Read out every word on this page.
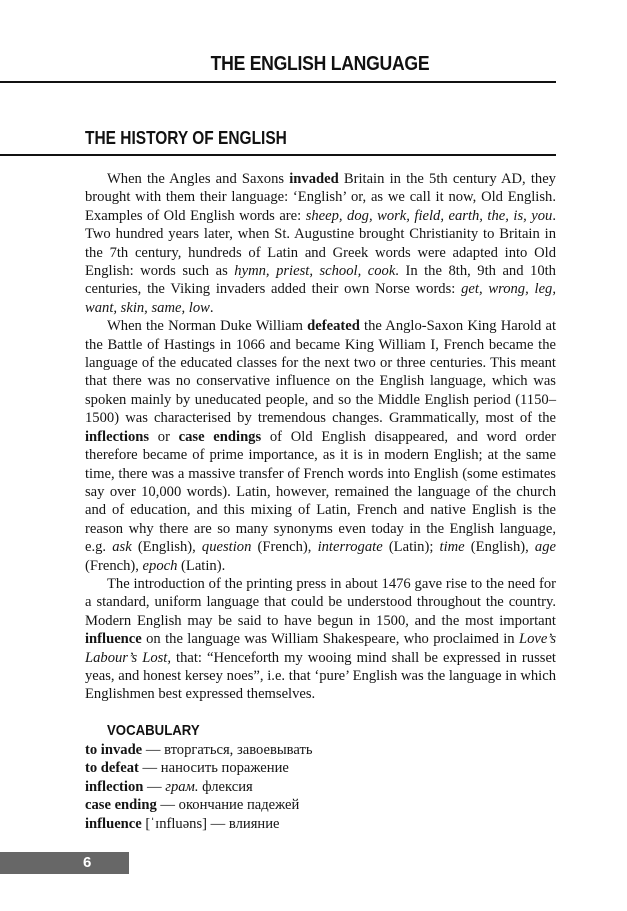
THE ENGLISH LANGUAGE
THE HISTORY OF ENGLISH

When the Angles and Saxons invaded Britain in the 5th century AD, they brought with them their language: ‘English’ or, as we call it now, Old English. Examples of Old English words are: sheep, dog, work, field, earth, the, is, you. Two hundred years later, when St. Augustine brought Christianity to Britain in the 7th century, hundreds of Latin and Greek words were adapted into Old English: words such as hymn, priest, school, cook. In the 8th, 9th and 10th centuries, the Viking invaders added their own Norse words: get, wrong, leg, want, skin, same, low.

When the Norman Duke William defeated the Anglo-Saxon King Harold at the Battle of Hastings in 1066 and became King William I, French became the language of the educated classes for the next two or three centuries. This meant that there was no conservative influence on the English language, which was spoken mainly by uneducated people, and so the Middle English period (1150–1500) was characterised by tremendous changes. Grammatically, most of the inflections or case endings of Old English disappeared, and word order therefore became of prime importance, as it is in modern English; at the same time, there was a massive transfer of French words into English (some estimates say over 10,000 words). Latin, however, remained the language of the church and of education, and this mixing of Latin, French and native English is the reason why there are so many synonyms even today in the English language, e.g. ask (English), question (French), interrogate (Latin); time (English), age (French), epoch (Latin).

The introduction of the printing press in about 1476 gave rise to the need for a standard, uniform language that could be understood throughout the country. Modern English may be said to have begun in 1500, and the most important influence on the language was William Shakespeare, who proclaimed in Love’s Labour’s Lost, that: “Henceforth my wooing mind shall be expressed in russet yeas, and honest kersey noes”, i.e. that ‘pure’ English was the language in which Englishmen best expressed themselves.

VOCABULARY
to invade — вторгаться, завоевывать
to defeat — наносить поражение
inflection — грам. флексия
case ending — окончание падежей
influence [ˈɪnfluəns] — влияние
6
